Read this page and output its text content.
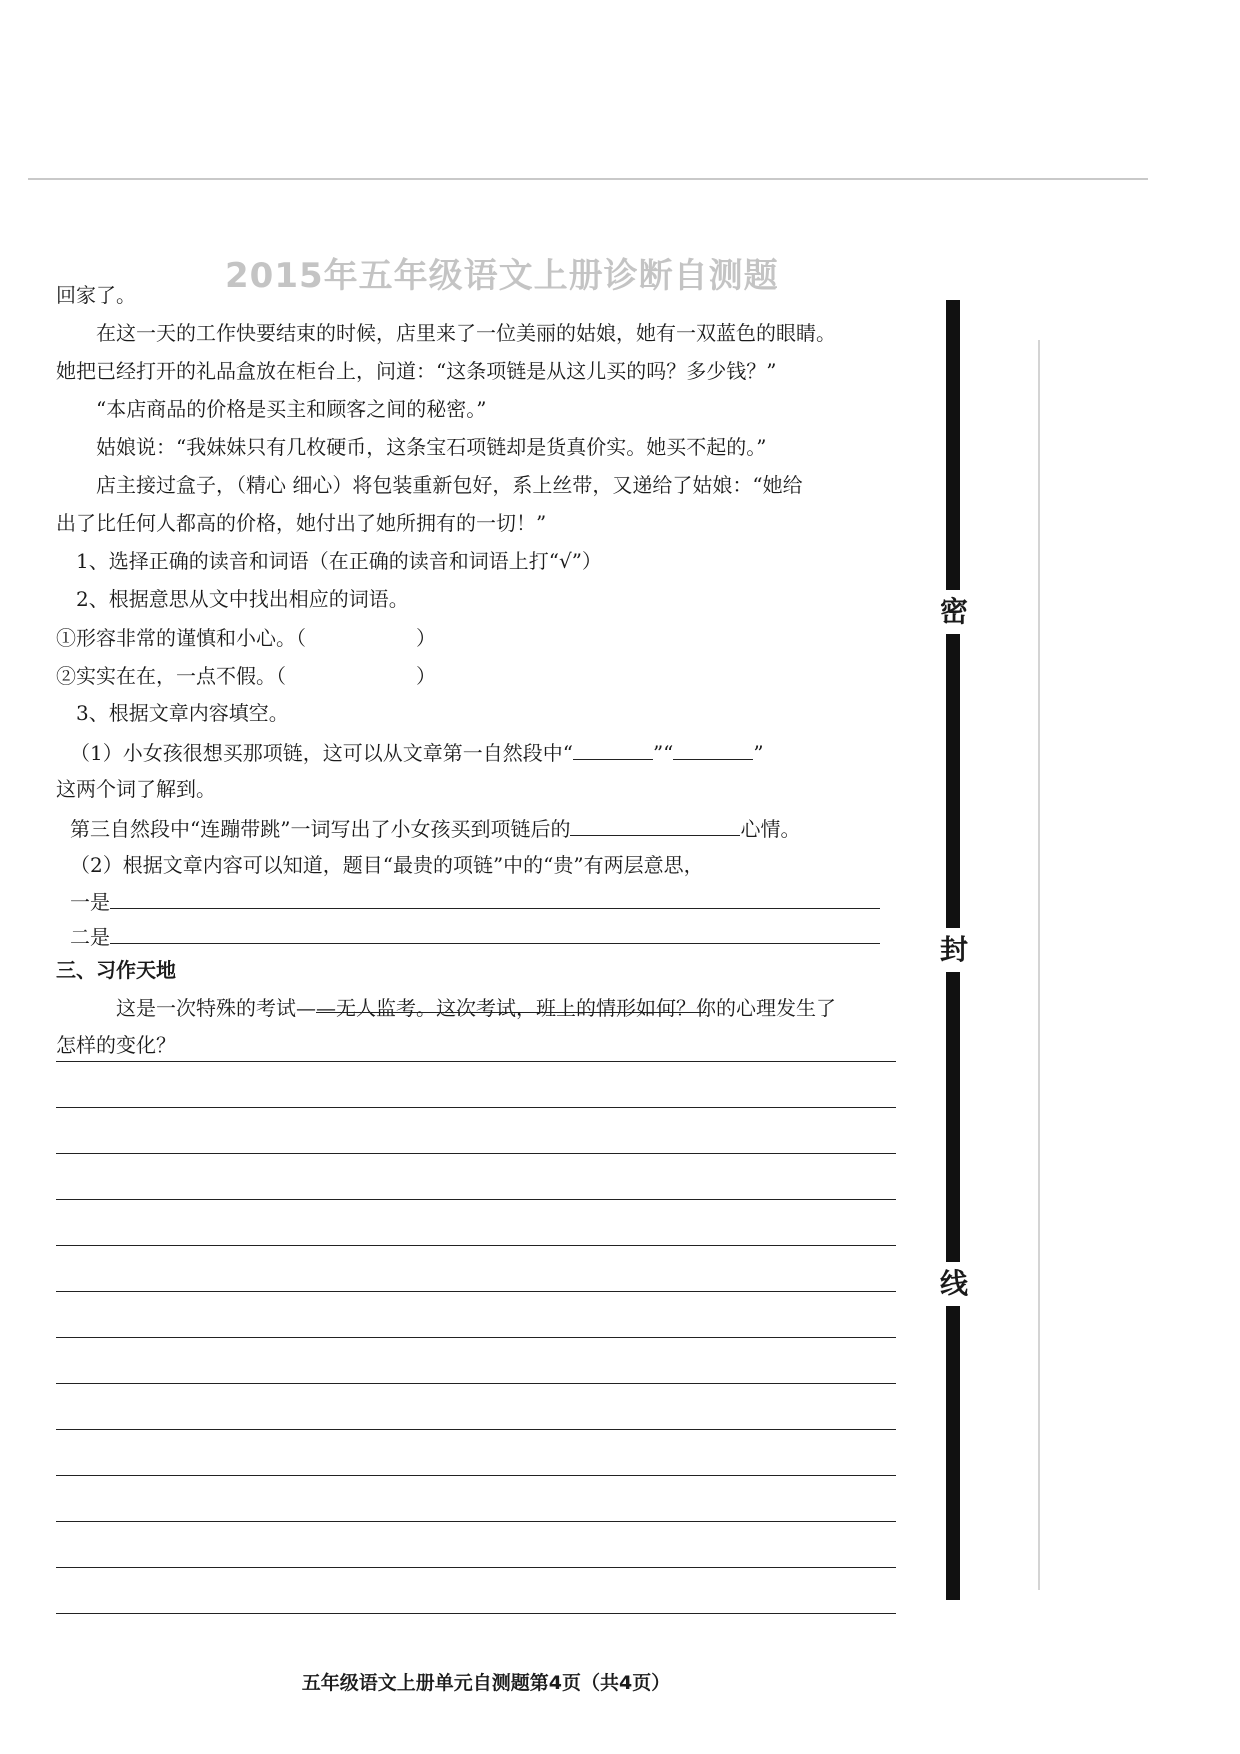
2015年五年级语文上册诊断自测题
回家了。
在这一天的工作快要结束的时候，店里来了一位美丽的姑娘，她有一双蓝色的眼睛。
她把已经打开的礼品盒放在柜台上，问道：“这条项链是从这儿买的吗？多少钱？”
“本店商品的价格是买主和顾客之间的秘密。”
姑娘说：“我妹妹只有几枚硬币，这条宝石项链却是货真价实。她买不起的。”
店主接过盒子，（精心 细心）将包装重新包好，系上丝带，又递给了姑娘：“她给
出了比任何人都高的价格，她付出了她所拥有的一切！”
1、选择正确的读音和词语（在正确的读音和词语上打“√”）
2、根据意思从文中找出相应的词语。
①形容非常的谨慎和小心。（	）
②实实在在，一点不假。（	）
3、根据文章内容填空。
（1）小女孩很想买那项链，这可以从文章第一自然段中“	”“	”
这两个词了解到。
第三自然段中“连蹦带跳”一词写出了小女孩买到项链后的	心情。
（2）根据文章内容可以知道，题目“最贵的项链”中的“贵”有两层意思，
一是
二是
三、习作天地
这是一次特殊的考试——无人监考。这次考试，班上的情形如何？你的心理发生了
怎样的变化？
五年级语文上册单元自测题第4页（共4页）
密
封
线
